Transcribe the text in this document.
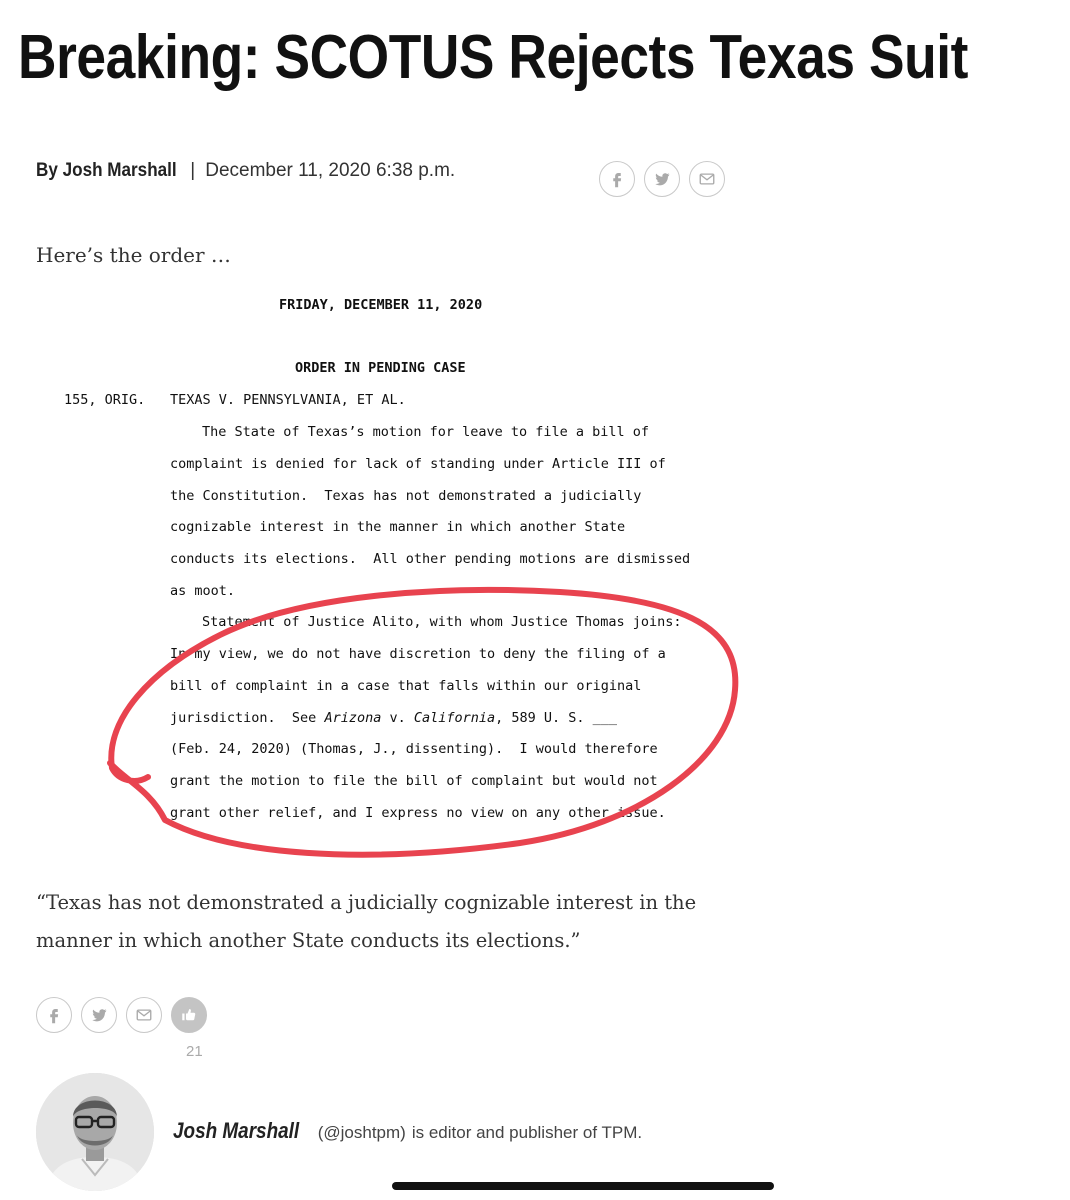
Breaking: SCOTUS Rejects Texas Suit
By Josh Marshall | December 11, 2020 6:38 p.m.

Here’s the order …

FRIDAY, DECEMBER 11, 2020
ORDER IN PENDING CASE
155, ORIG. TEXAS V. PENNSYLVANIA, ET AL.
The State of Texas’s motion for leave to file a bill of
complaint is denied for lack of standing under Article III of
the Constitution.  Texas has not demonstrated a judicially
cognizable interest in the manner in which another State
conducts its elections.  All other pending motions are dismissed
as moot.
Statement of Justice Alito, with whom Justice Thomas joins:
In my view, we do not have discretion to deny the filing of a
bill of complaint in a case that falls within our original
jurisdiction.  See Arizona v. California, 589 U. S. ___
(Feb. 24, 2020) (Thomas, J., dissenting).  I would therefore
grant the motion to file the bill of complaint but would not
grant other relief, and I express no view on any other issue.

“Texas has not demonstrated a judicially cognizable interest in the manner in which another State conducts its elections.”

21
Josh Marshall (@joshtpm) is editor and publisher of TPM.
